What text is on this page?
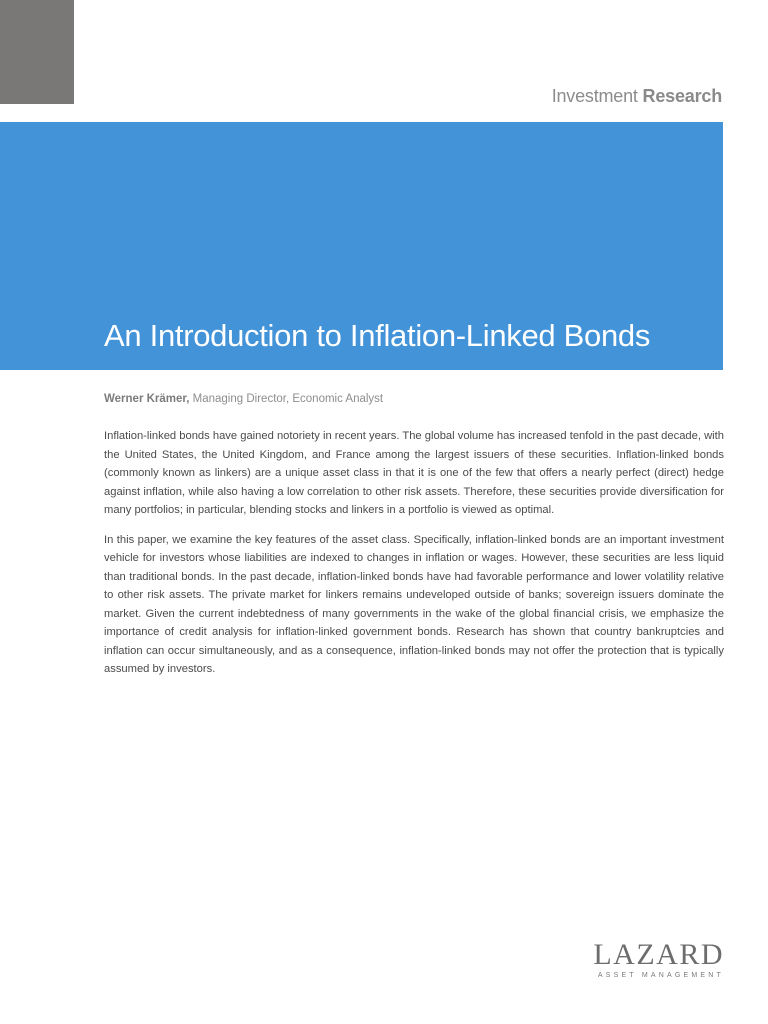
Investment Research
An Introduction to Inflation-Linked Bonds
Werner Krämer, Managing Director, Economic Analyst

Inflation-linked bonds have gained notoriety in recent years. The global volume has increased tenfold in the past decade, with the United States, the United Kingdom, and France among the largest issuers of these securities. Inflation-linked bonds (commonly known as linkers) are a unique asset class in that it is one of the few that offers a nearly perfect (direct) hedge against inflation, while also having a low correlation to other risk assets. Therefore, these securities provide diversification for many portfolios; in particular, blending stocks and linkers in a portfolio is viewed as optimal.

In this paper, we examine the key features of the asset class. Specifically, inflation-linked bonds are an important investment vehicle for investors whose liabilities are indexed to changes in inflation or wages. However, these securities are less liquid than traditional bonds. In the past decade, inflation-linked bonds have had favorable performance and lower volatility relative to other risk assets. The private market for linkers remains undeveloped outside of banks; sovereign issuers dominate the market. Given the current indebtedness of many governments in the wake of the global financial crisis, we emphasize the importance of credit analysis for inflation-linked government bonds. Research has shown that country bankruptcies and inflation can occur simultaneously, and as a consequence, inflation-linked bonds may not offer the protection that is typically assumed by investors.

LAZARD
ASSET MANAGEMENT
